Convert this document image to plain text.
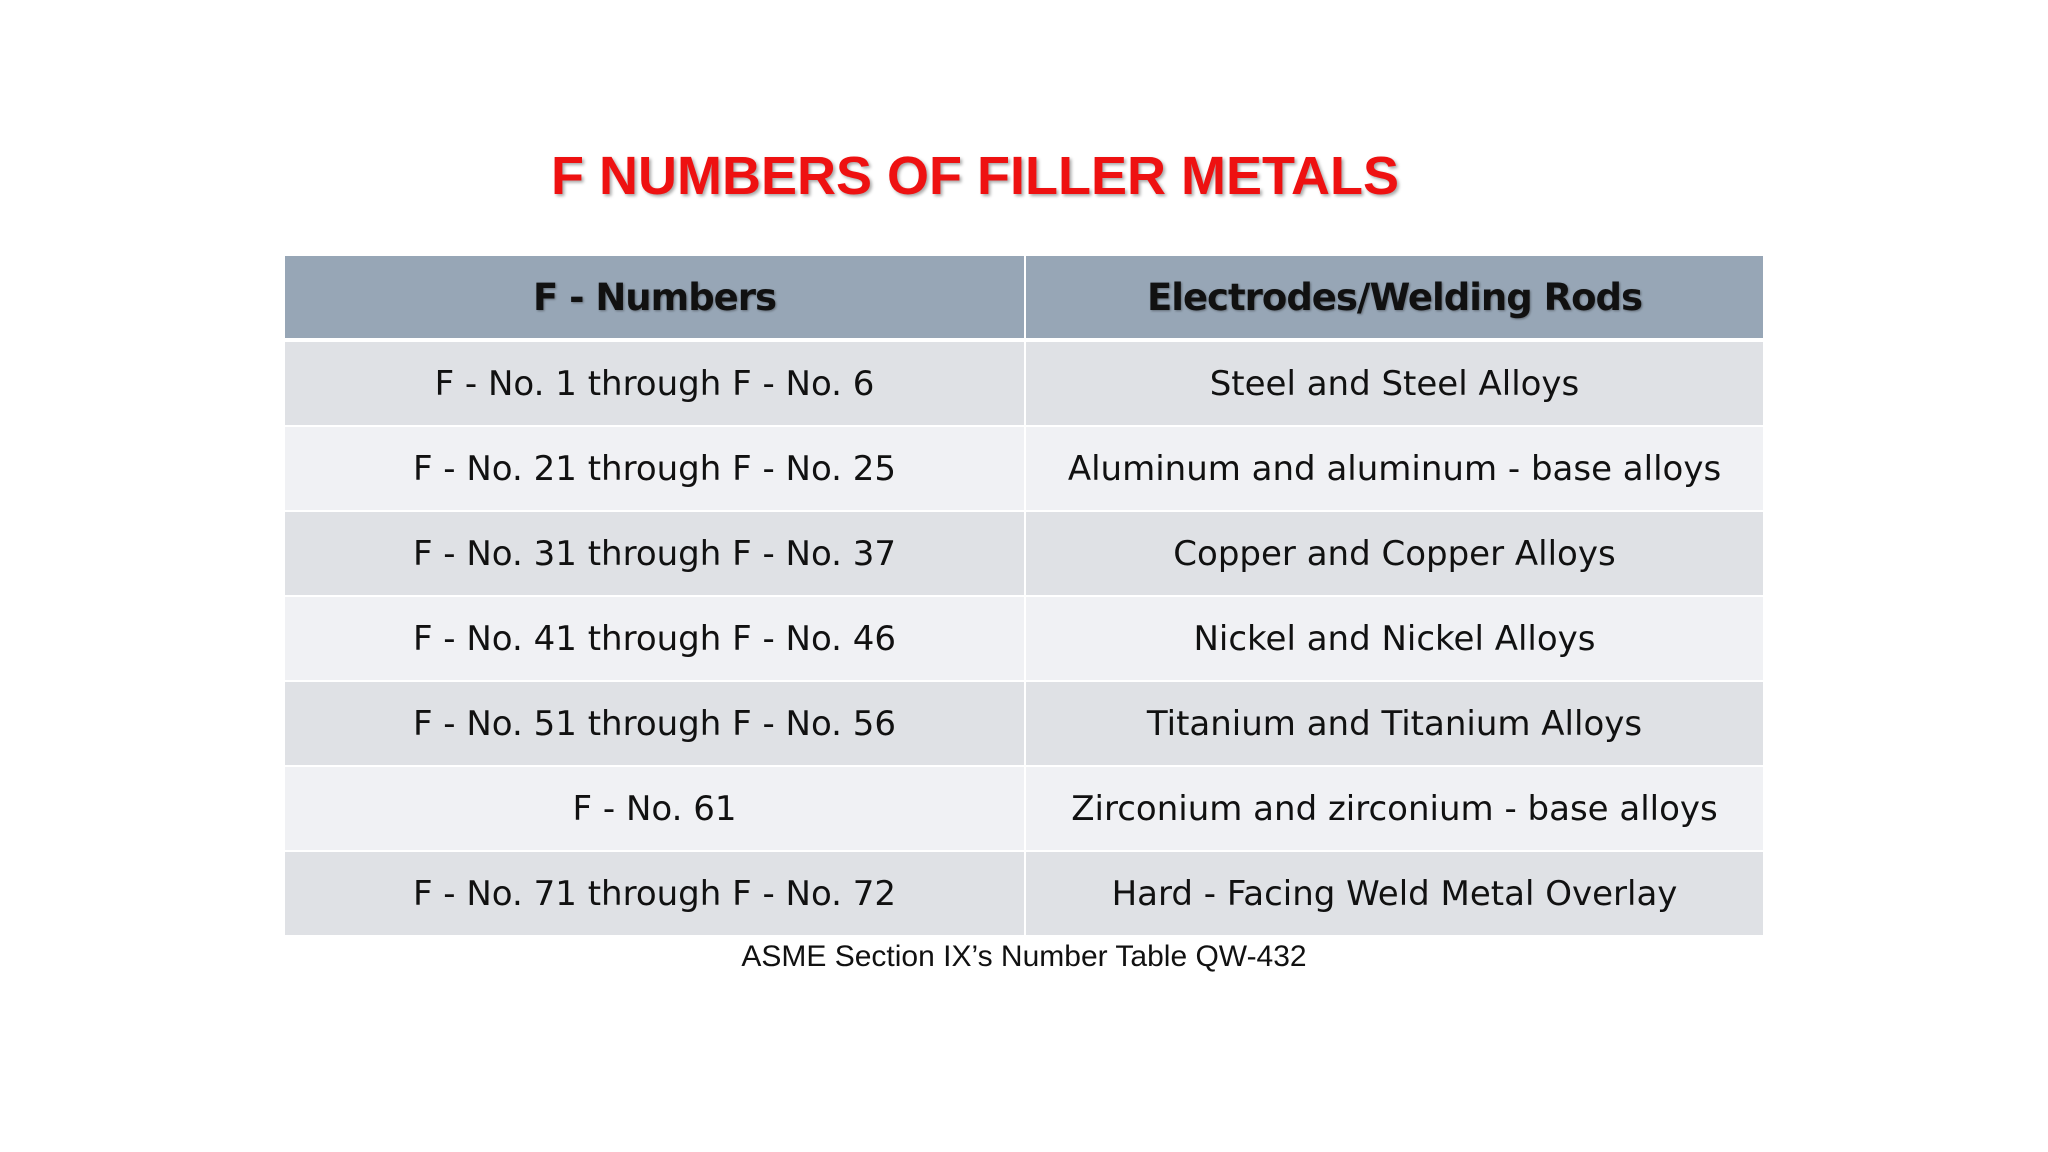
F NUMBERS OF FILLER METALS
F - Numbers	Electrodes/Welding Rods
F - No. 1 through F - No. 6	Steel and Steel Alloys
F - No. 21 through F - No. 25	Aluminum and aluminum - base alloys
F - No. 31 through F - No. 37	Copper and Copper Alloys
F - No. 41 through F - No. 46	Nickel and Nickel Alloys
F - No. 51 through F - No. 56	Titanium and Titanium Alloys
F - No. 61	Zirconium and zirconium - base alloys
F - No. 71 through F - No. 72	Hard - Facing Weld Metal Overlay

ASME Section IX’s Number Table QW-432
